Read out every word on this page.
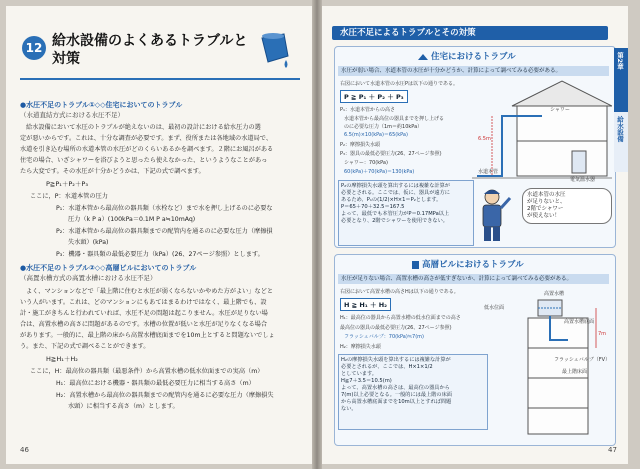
12 給水設備のよくあるトラブルと
対策
●水圧不足のトラブル①◇◇住宅においてのトラブル
（水道直結方式における水圧不足）
給水設備において水圧のトラブルが絶えないのは、最初の設計における給水圧力の選
定が悪いからです。これは、十分な調査が必要です。まず、役所または各地域の水道局で、
水道を引き込む場所の水道本管の水圧がどのくらいあるかを調べます。２階にお風呂がある
住宅の場合、いざシャワーを浴びようと思ったら使えなかった、というようなことがあっ
たら大変です。その水圧が十分かどうかは、下記の式で調べます。
P≧P₁＋P₂＋P₃
ここに，P：水道本管の圧力
P₁：水道本管から最高位の器具類（水栓など）まで水を押し上げるのに必要な
圧力（k P a）(100kPa＝0.1M P a≒10mAq)
P₂：水道本管から最高位の器具類までの配管内を通るのに必要な圧力（摩擦損
失水頭）(kPa)
P₃：機器・器具類の最低必要圧力（kPa）(26、27ページ参照）とします。
●水圧不足のトラブル②◇◇高層ビルにおいてのトラブル
（高置水槽方式の高置水槽における水圧不足）
よく、マンションなどで「最上階に住むと水圧が弱くならないかやめた方がよい」などと
いう人がいます。これは、どのマンションにもあてはまるわけではなく、最上階でも、設
計・施工がきちんと行われていれば、水圧不足の問題は起こりません。水圧が足りない場
合は、高置水槽の高さに問題があるのです。水槽の位置が低いと水圧が足りなくなる場合
があります。一般的に、最上階の床から高置水槽底面までを10m上とすると問題ないでしょ
う。また、下記の式で調べることができます。
H≧H₁＋H₂
ここに，H：最高位の器具類（最悪条件）から高置水槽の低水位面までの実高（m）
H₁：最高位における機器・器具類の最低必要圧力に相当する高さ（m）
H₂：高置水槽から最高位の器具類までの配管内を通るに必要な圧力（摩擦損失
水頭）に相当する高さ（m）とします。
46
水圧不足によるトラブルとその対策
住宅におけるトラブル
水圧が弱い場合、水道本管の水圧が十分かどうか、計算によって調べてみる必要がある。
右図において水道本管の水圧Pは以下の通りである。
P ≧ P₁ ＋ P₂ ＋ P₃
P₁：水道本管からの高さ
水道本管から最高位の器具までを押し上げる
のに必要な圧力（1m＝約10kPa）
6.5(m)×10(kPa)＝65(kPa)
P₂：摩擦損失水頭
P₃：器具の最低必要圧力(26、27ページ参照)
シャワー：70(kPa)
60(kPa)＋70(kPa)＝130(kPa)
P₂の摩擦損失水頭を算出するには複雑な計算が
必要とされる。ここでは、仮に、器具が遠方に
あるため、P₁の(1/2)×H×1＝P₂とします。
P＝65＋70＋32.5＝167.5
よって、最低でも本管圧力がP＝0.17MPa以上
必要となり、2階でシャワーを使用できない。
シャワー
水道本管
電気温水器
6.5m
水道本管の水圧
が足りないと、
2階でシャワー
が使えない！
高層ビルにおけるトラブル
水圧が足りない場合、高置水槽の高さが低すぎないか、計算によって調べてみる必要がある。
右図において高置水槽の高さHは以下の通りである。
H ≧ H₁ ＋ H₂
H₁：最高位の器具から高置水槽の低水位面までの高さ
最高位の器具の最低必要圧力(26、27ページ参照)
フラッシュバルブ：70(kPa)≒7(m)
H₂：摩擦損失水頭
H₂の摩擦損失水頭を算出するには複雑な計算が
必要とされるが、ここでは、H×1×1/2
としています。
H≧7＋3.5＝10.5(m)
よって、高置水槽の高さは、最高位の器具から
7(m)以上必要となる。一般的には最上階の床面
から高置水槽底面までを10m以上とすれば問題
ない。
高置水槽
低水位面
高置水槽底面
フラッシュバルブ（FV）
最上階床面
7m
47
第2章
給水設備
